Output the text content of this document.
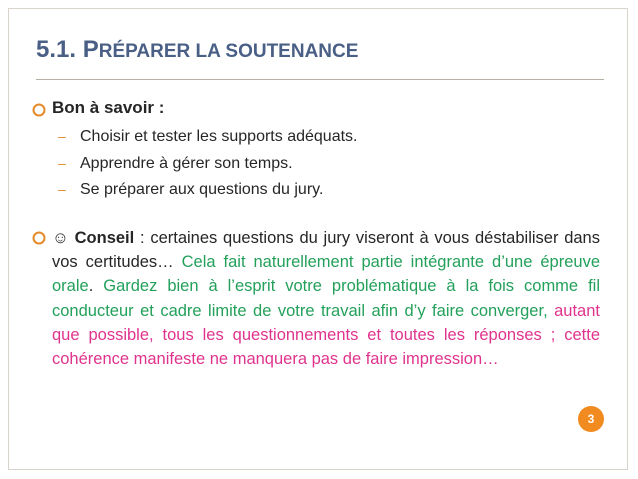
5.1. PRÉPARER LA SOUTENANCE
Bon à savoir :
– Choisir et tester les supports adéquats.
– Apprendre à gérer son temps.
– Se préparer aux questions du jury.
☺ Conseil : certaines questions du jury viseront à vous déstabiliser dans vos certitudes… Cela fait naturellement partie intégrante d’une épreuve orale. Gardez bien à l’esprit votre problématique à la fois comme fil conducteur et cadre limite de votre travail afin d’y faire converger, autant que possible, tous les questionnements et toutes les réponses ; cette cohérence manifeste ne manquera pas de faire impression…
3
